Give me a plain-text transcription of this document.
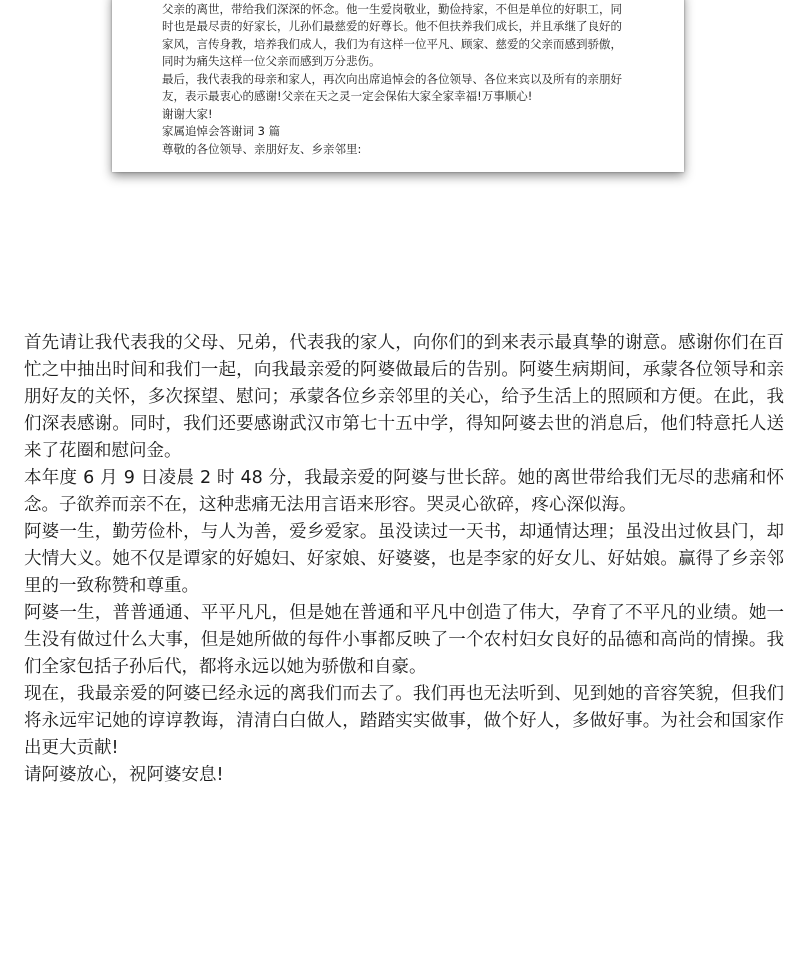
父亲的离世，带给我们深深的怀念。他一生爱岗敬业，勤俭持家，不但是单位的好职工，同
时也是最尽责的好家长，儿孙们最慈爱的好尊长。他不但扶养我们成长，并且承继了良好的
家风，言传身教，培养我们成人，我们为有这样一位平凡、顾家、慈爱的父亲而感到骄傲，
同时为痛失这样一位父亲而感到万分悲伤。
最后，我代表我的母亲和家人，再次向出席追悼会的各位领导、各位来宾以及所有的亲朋好
友，表示最衷心的感谢!父亲在天之灵一定会保佑大家全家幸福!万事顺心!
谢谢大家!
家属追悼会答谢词 3 篇
尊敬的各位领导、亲朋好友、乡亲邻里:

首先请让我代表我的父母、兄弟，代表我的家人，向你们的到来表示最真挚的谢意。感谢你们在百忙之中抽出时间和我们一起，向我最亲爱的阿婆做最后的告别。阿婆生病期间，承蒙各位领导和亲朋好友的关怀，多次探望、慰问；承蒙各位乡亲邻里的关心，给予生活上的照顾和方便。在此，我们深表感谢。同时，我们还要感谢武汉市第七十五中学，得知阿婆去世的消息后，他们特意托人送来了花圈和慰问金。

本年度 6 月 9 日凌晨 2 时 48 分，我最亲爱的阿婆与世长辞。她的离世带给我们无尽的悲痛和怀念。子欲养而亲不在，这种悲痛无法用言语来形容。哭灵心欲碎，疼心深似海。

阿婆一生，勤劳俭朴，与人为善，爱乡爱家。虽没读过一天书，却通情达理；虽没出过攸县门，却大情大义。她不仅是谭家的好媳妇、好家娘、好婆婆，也是李家的好女儿、好姑娘。赢得了乡亲邻里的一致称赞和尊重。

阿婆一生，普普通通、平平凡凡，但是她在普通和平凡中创造了伟大，孕育了不平凡的业绩。她一生没有做过什么大事，但是她所做的每件小事都反映了一个农村妇女良好的品德和高尚的情操。我们全家包括子孙后代，都将永远以她为骄傲和自豪。

现在，我最亲爱的阿婆已经永远的离我们而去了。我们再也无法听到、见到她的音容笑貌，但我们将永远牢记她的谆谆教诲，清清白白做人，踏踏实实做事，做个好人，多做好事。为社会和国家作出更大贡献!

请阿婆放心，祝阿婆安息!
